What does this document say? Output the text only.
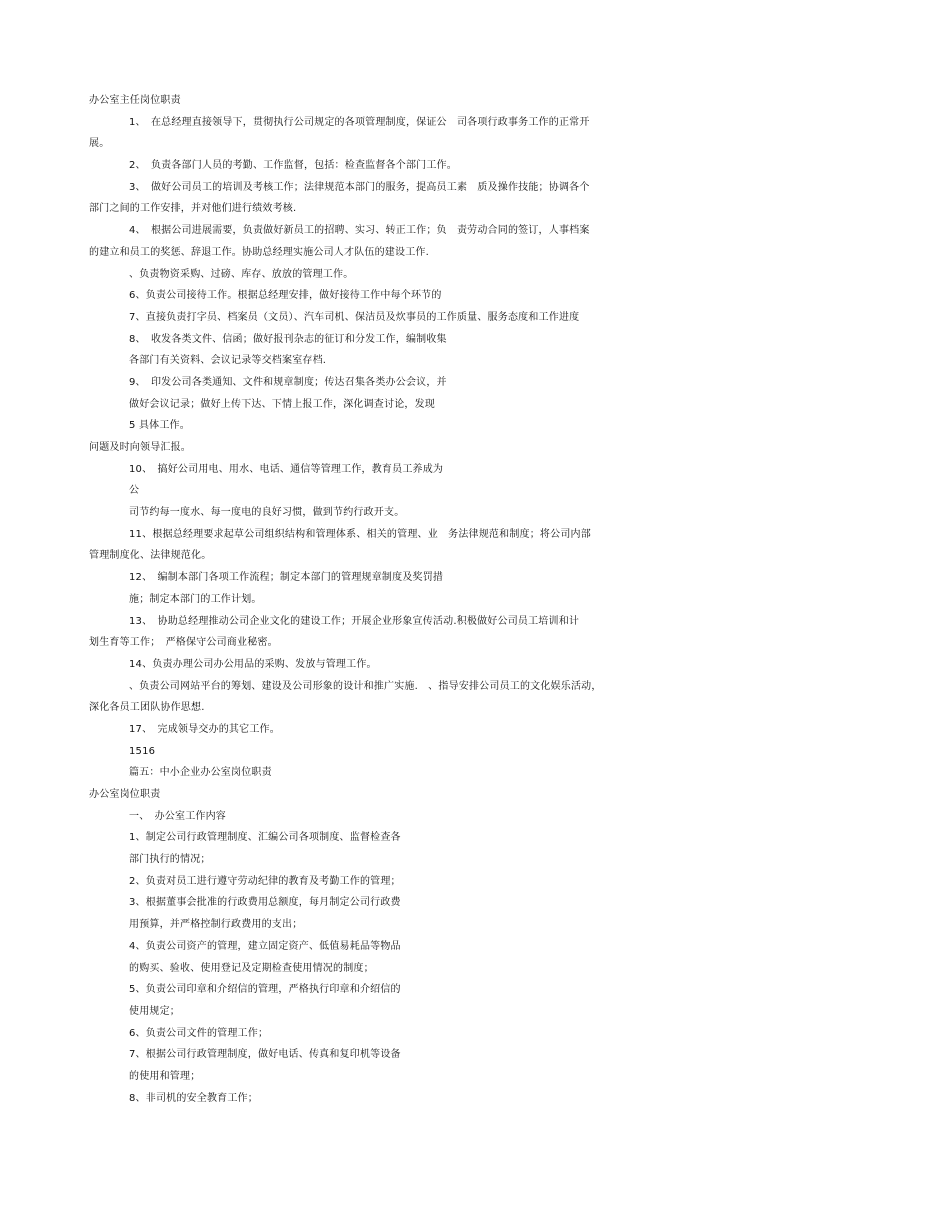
办公室主任岗位职责
1、　在总经理直接领导下，贯彻执行公司规定的各项管理制度，保证公　司各项行政事务工作的正常开
展。
2、　负责各部门人员的考勤、工作监督，包括：检查监督各个部门工作。
3、　做好公司员工的培训及考核工作；法律规范本部门的服务，提高员工素　质及操作技能；协调各个
部门之间的工作安排，并对他们进行绩效考核.
4、　根据公司进展需要，负责做好新员工的招聘、实习、转正工作；负　责劳动合同的签订，人事档案
的建立和员工的奖惩、辞退工作。协助总经理实施公司人才队伍的建设工作.
、负责物资采购、过磅、库存、放放的管理工作。
6、负责公司接待工作。根据总经理安排，做好接待工作中每个环节的
7、直接负责打字员、档案员（文员）、汽车司机、保洁员及炊事员的工作质量、服务态度和工作进度
8、　收发各类文件、信函；做好报刊杂志的征订和分发工作，编制收集
各部门有关资料、会议记录等交档案室存档.
9、　印发公司各类通知、文件和规章制度；传达召集各类办公会议，并
做好会议记录；做好上传下达、下情上报工作，深化调查讨论，发现
5 具体工作。
问题及时向领导汇报。
10、　搞好公司用电、用水、电话、通信等管理工作，教育员工养成为
公
司节约每一度水、每一度电的良好习惯，做到节约行政开支。
11、根据总经理要求起草公司组织结构和管理体系、相关的管理、业　务法律规范和制度；将公司内部
管理制度化、法律规范化。
12、　编制本部门各项工作流程；制定本部门的管理规章制度及奖罚措
施；制定本部门的工作计划。
13、　协助总经理推动公司企业文化的建设工作；开展企业形象宣传活动.积极做好公司员工培训和计
划生育等工作；　严格保守公司商业秘密。
14、负责办理公司办公用品的采购、发放与管理工作。
、负责公司网站平台的筹划、建设及公司形象的设计和推广实施.　、指导安排公司员工的文化娱乐活动，
深化各员工团队协作思想.
17、　完成领导交办的其它工作。
1516
篇五：中小企业办公室岗位职责
办公室岗位职责
一、　办公室工作内容
1、制定公司行政管理制度、汇编公司各项制度、监督检查各
部门执行的情况；
2、负责对员工进行遵守劳动纪律的教育及考勤工作的管理；
3、根据董事会批准的行政费用总额度，每月制定公司行政费
用预算，并严格控制行政费用的支出；
4、负责公司资产的管理，建立固定资产、低值易耗品等物品
的购买、验收、使用登记及定期检查使用情况的制度；
5、负责公司印章和介绍信的管理，严格执行印章和介绍信的
使用规定；
6、负责公司文件的管理工作；
7、根据公司行政管理制度，做好电话、传真和复印机等设备
的使用和管理；
8、非司机的安全教育工作；
